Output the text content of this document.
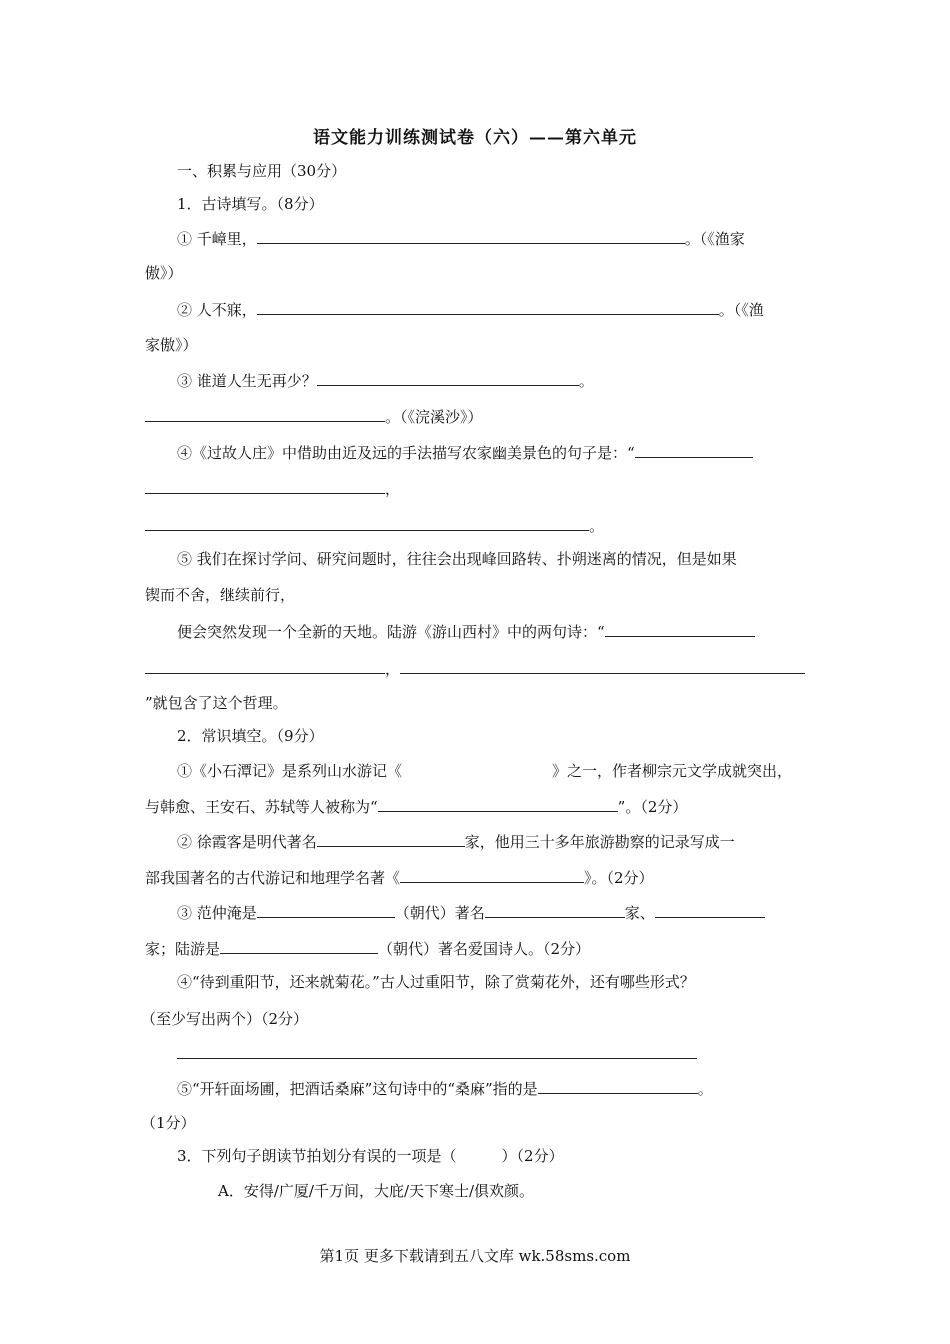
语文能力训练测试卷（六）——第六单元
一、积累与应用（30分）
1．古诗填写。（8分）
① 千嶂里，	。（《渔家
傲》）
② 人不寐，	。（《渔
家傲》）
③ 谁道人生无再少？	。
。（《浣溪沙》）
④《过故人庄》中借助由近及远的手法描写农家幽美景色的句子是：“
，
。
⑤ 我们在探讨学问、研究问题时，往往会出现峰回路转、扑朔迷离的情况，但是如果
锲而不舍，继续前行，
便会突然发现一个全新的天地。陆游《游山西村》中的两句诗：“
，
”就包含了这个哲理。
2．常识填空。（9分）
①《小石潭记》是系列山水游记《	》之一，作者柳宗元文学成就突出，
与韩愈、王安石、苏轼等人被称为“	”。（2分）
② 徐霞客是明代著名	家，他用三十多年旅游勘察的记录写成一
部我国著名的古代游记和地理学名著《	》。（2分）
③ 范仲淹是	（朝代）著名	家、
家；陆游是	（朝代）著名爱国诗人。（2分）
④“待到重阳节，还来就菊花。”古人过重阳节，除了赏菊花外，还有哪些形式？
（至少写出两个）（2分）
⑤“开轩面场圃，把酒话桑麻”这句诗中的“桑麻”指的是	。
（1分）
3．下列句子朗读节拍划分有误的一项是（　　　）（2分）
A．安得/广厦/千万间，大庇/天下寒士/俱欢颜。
第1页 更多下载请到五八文库 wk.58sms.com
